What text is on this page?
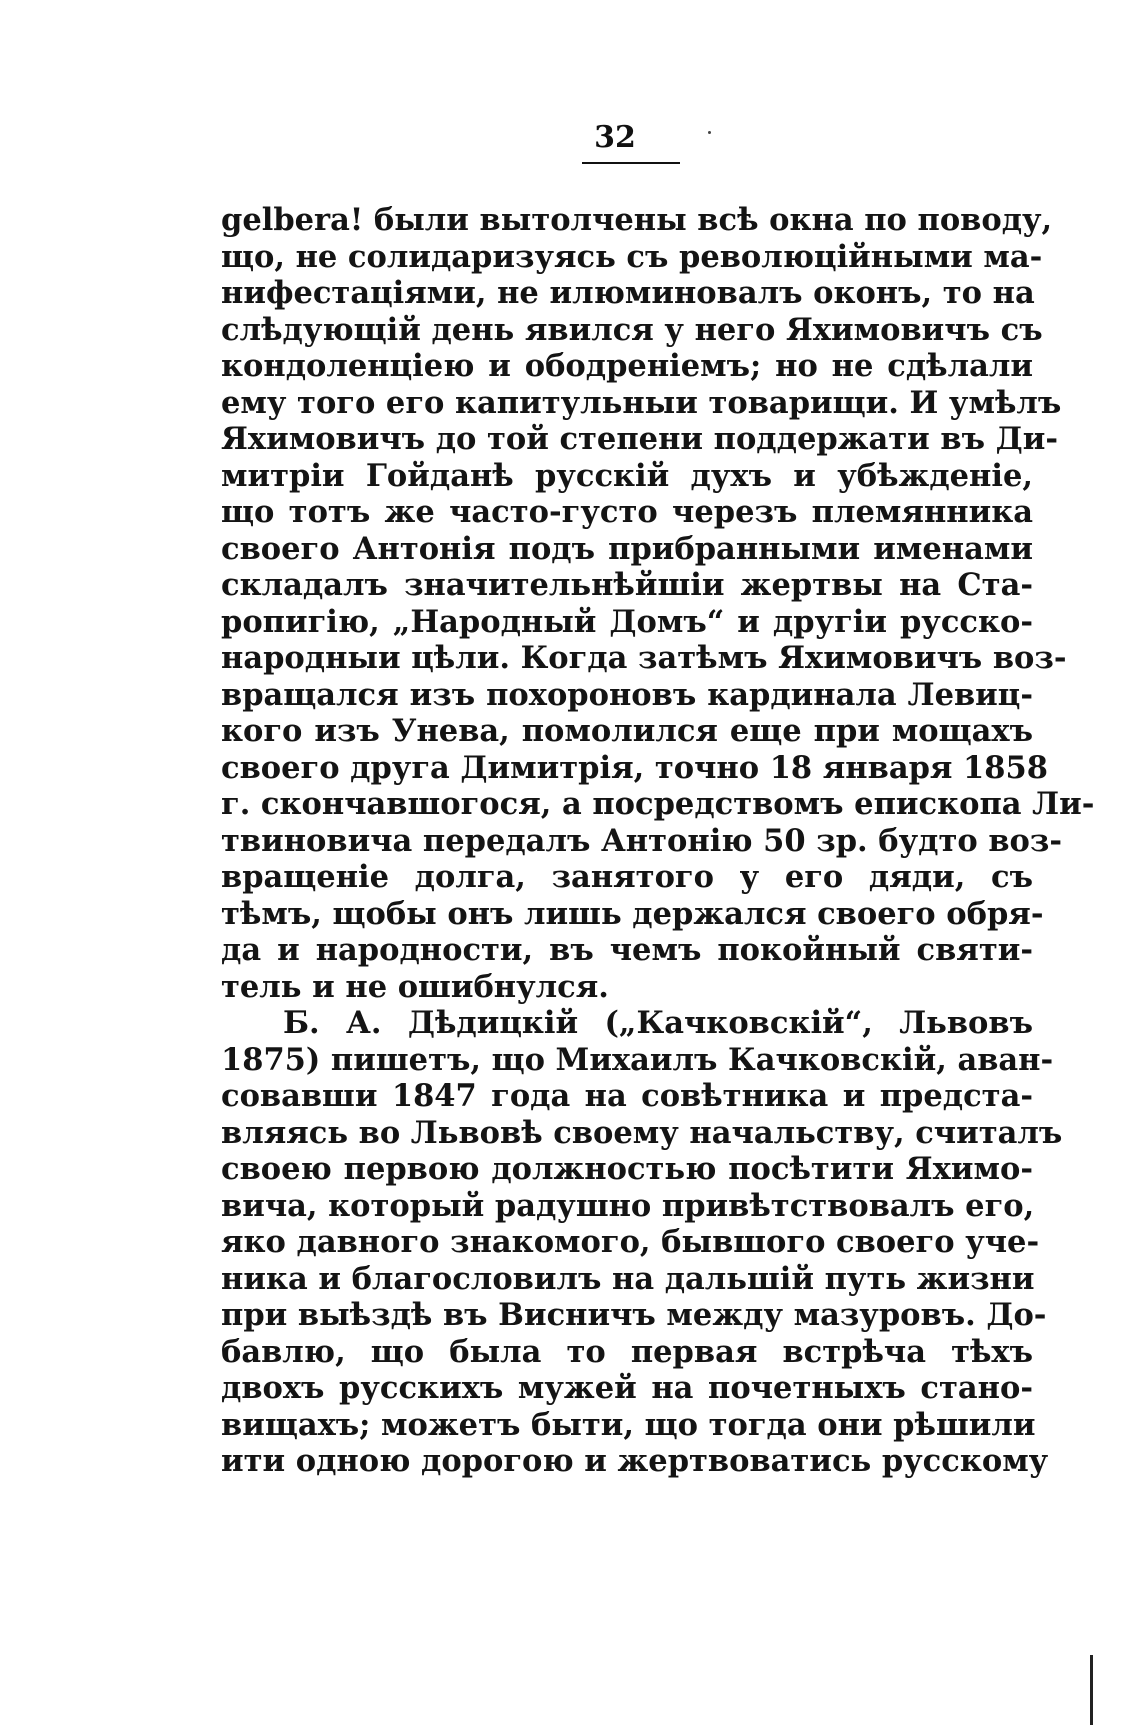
32
gelbera! были вытолчены всѣ окна по поводу,
що, не солидаризуясь съ революційными ма-
нифестаціями, не илюминовалъ оконъ, то на
слѣдующій день явился у него Яхимовичъ съ
кондоленціею и ободреніемъ; но не сдѣлали
ему того его капитульныи товарищи. И умѣлъ
Яхимовичъ до той степени поддержати въ Ди-
митріи Гойданѣ русскій духъ и убѣжденіе,
що тотъ же часто-густо черезъ племянника
своего Антонія подъ прибранными именами
складалъ значительнѣйшіи жертвы на Ста-
ропигію, „Народный Домъ“ и другіи русско-
народныи цѣли. Когда затѣмъ Яхимовичъ воз-
вращался изъ похороновъ кардинала Левиц-
кого изъ Унева, помолился еще при мощахъ
своего друга Димитрія, точно 18 января 1858
г. скончавшогося, а посредствомъ епископа Ли-
твиновича передалъ Антонію 50 зр. будто воз-
вращеніе долга, занятого у его дяди, съ
тѣмъ, щобы онъ лишь держался своего обря-
да и народности, въ чемъ покойный святи-
тель и не ошибнулся.
Б. А. Дѣдицкій („Качковскій“, Львовъ
1875) пишетъ, що Михаилъ Качковскій, аван-
совавши 1847 года на совѣтника и предста-
вляясь во Львовѣ своему начальству, считалъ
своею первою должностью посѣтити Яхимо-
вича, который радушно привѣтствовалъ его,
яко давного знакомого, бывшого своего уче-
ника и благословилъ на дальшій путь жизни
при выѣздѣ въ Висничъ между мазуровъ. До-
бавлю, що была то первая встрѣча тѣхъ
двохъ русскихъ мужей на почетныхъ стано-
вищахъ; можетъ быти, що тогда они рѣшили
ити одною дорогою и жертвоватись русскому
